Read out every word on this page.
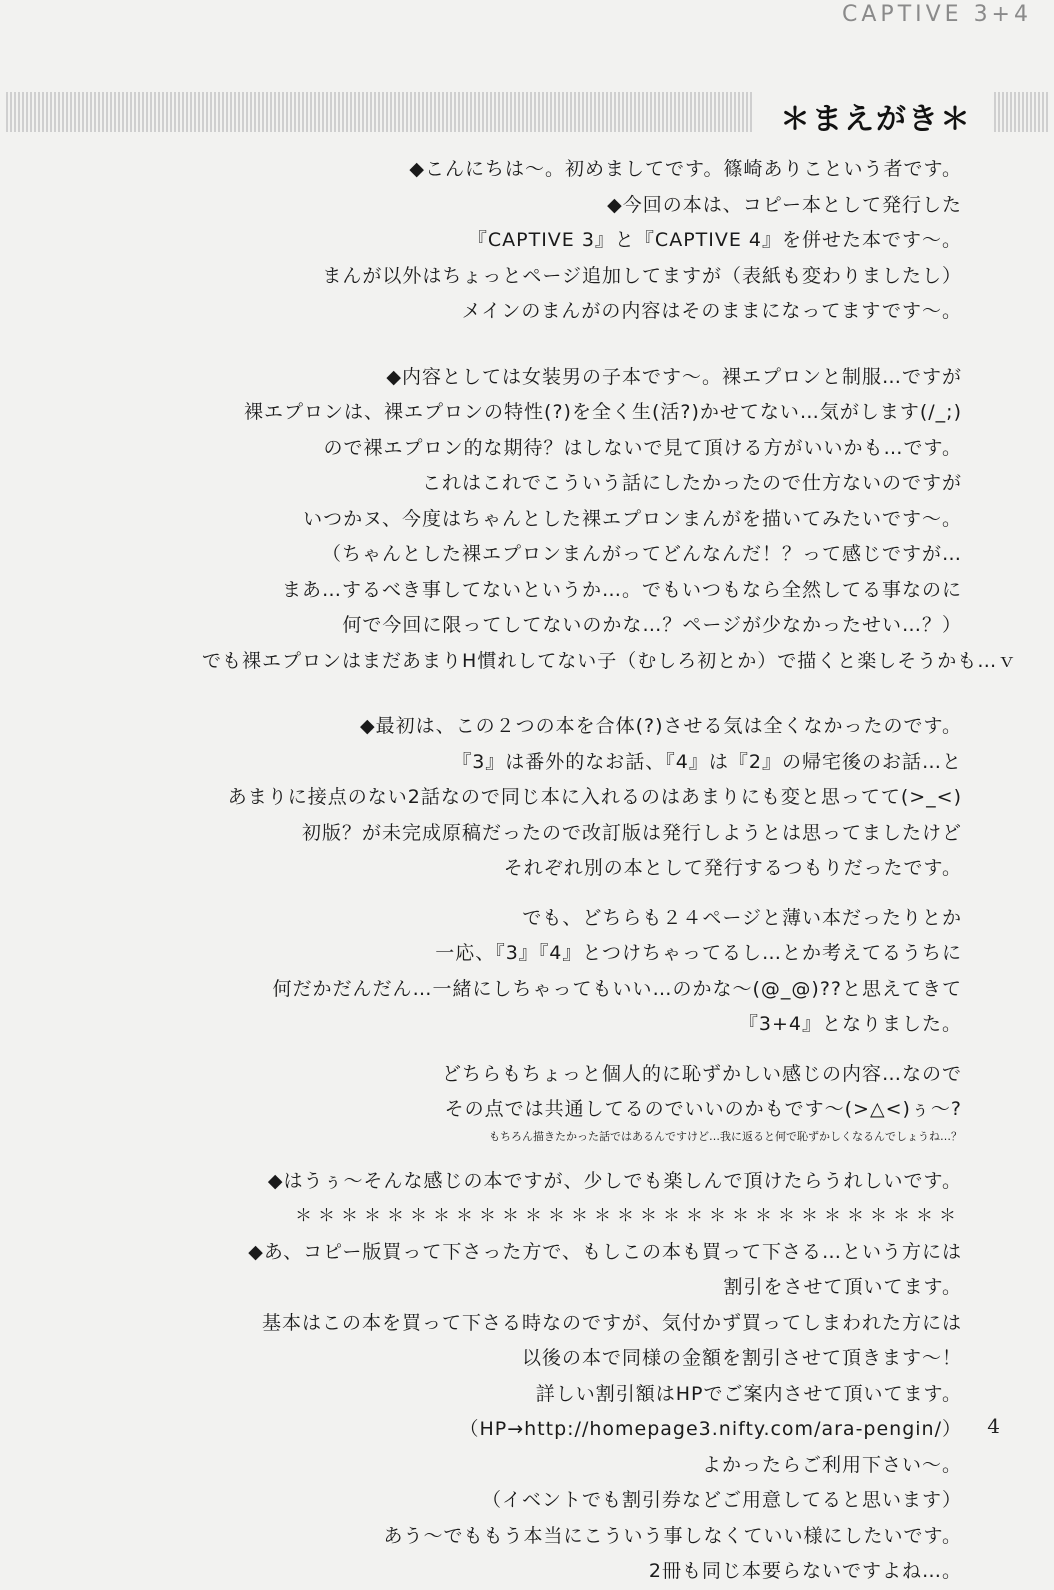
CAPTIVE 3+4
＊まえがき＊
◆こんにちは～。初めましてです。篠崎ありこという者です。
◆今回の本は、コピー本として発行した
『CAPTIVE 3』と『CAPTIVE 4』を併せた本です～。
まんが以外はちょっとページ追加してますが（表紙も変わりましたし）
メインのまんがの内容はそのままになってますです～。
◆内容としては女装男の子本です～。裸エプロンと制服…ですが
裸エプロンは、裸エプロンの特性(?)を全く生(活?)かせてない…気がします(/_;)
ので裸エプロン的な期待？はしないで見て頂ける方がいいかも…です。
これはこれでこういう話にしたかったので仕方ないのですが
いつかヌ、今度はちゃんとした裸エプロンまんがを描いてみたいです～。
（ちゃんとした裸エプロンまんがってどんなんだ！？って感じですが…
まあ…するべき事してないというか…。でもいつもなら全然してる事なのに
何で今回に限ってしてないのかな…？ページが少なかったせい…？）
でも裸エプロンはまだあまりH慣れしてない子（むしろ初とか）で描くと楽しそうかも…ｖ
◆最初は、この２つの本を合体(?)させる気は全くなかったのです。
『3』は番外的なお話、『4』は『2』の帰宅後のお話…と
あまりに接点のない2話なので同じ本に入れるのはあまりにも変と思ってて(>_<)
初版？が未完成原稿だったので改訂版は発行しようとは思ってましたけど
それぞれ別の本として発行するつもりだったです。
でも、どちらも２４ページと薄い本だったりとか
一応、『3』『4』とつけちゃってるし…とか考えてるうちに
何だかだんだん…一緒にしちゃってもいい…のかな～(@_@)??と思えてきて
『3+4』となりました。
どちらもちょっと個人的に恥ずかしい感じの内容…なので
その点では共通してるのでいいのかもです～(>△<)ぅ～?
もちろん描きたかった話ではあるんですけど…我に返ると何で恥ずかしくなるんでしょうね…？
◆はうぅ～そんな感じの本ですが、少しでも楽しんで頂けたらうれしいです。
＊＊＊＊＊＊＊＊＊＊＊＊＊＊＊＊＊＊＊＊＊＊＊＊＊＊＊＊＊
◆あ、コピー版買って下さった方で、もしこの本も買って下さる…という方には
割引をさせて頂いてます。
基本はこの本を買って下さる時なのですが、気付かず買ってしまわれた方には
以後の本で同様の金額を割引させて頂きます～！
詳しい割引額はHPでご案内させて頂いてます。
（HP→http://homepage3.nifty.com/ara-pengin/）
よかったらご利用下さい～。
（イベントでも割引券などご用意してると思います）
あう～でももう本当にこういう事しなくていい様にしたいです。
2冊も同じ本要らないですよね…。
4
